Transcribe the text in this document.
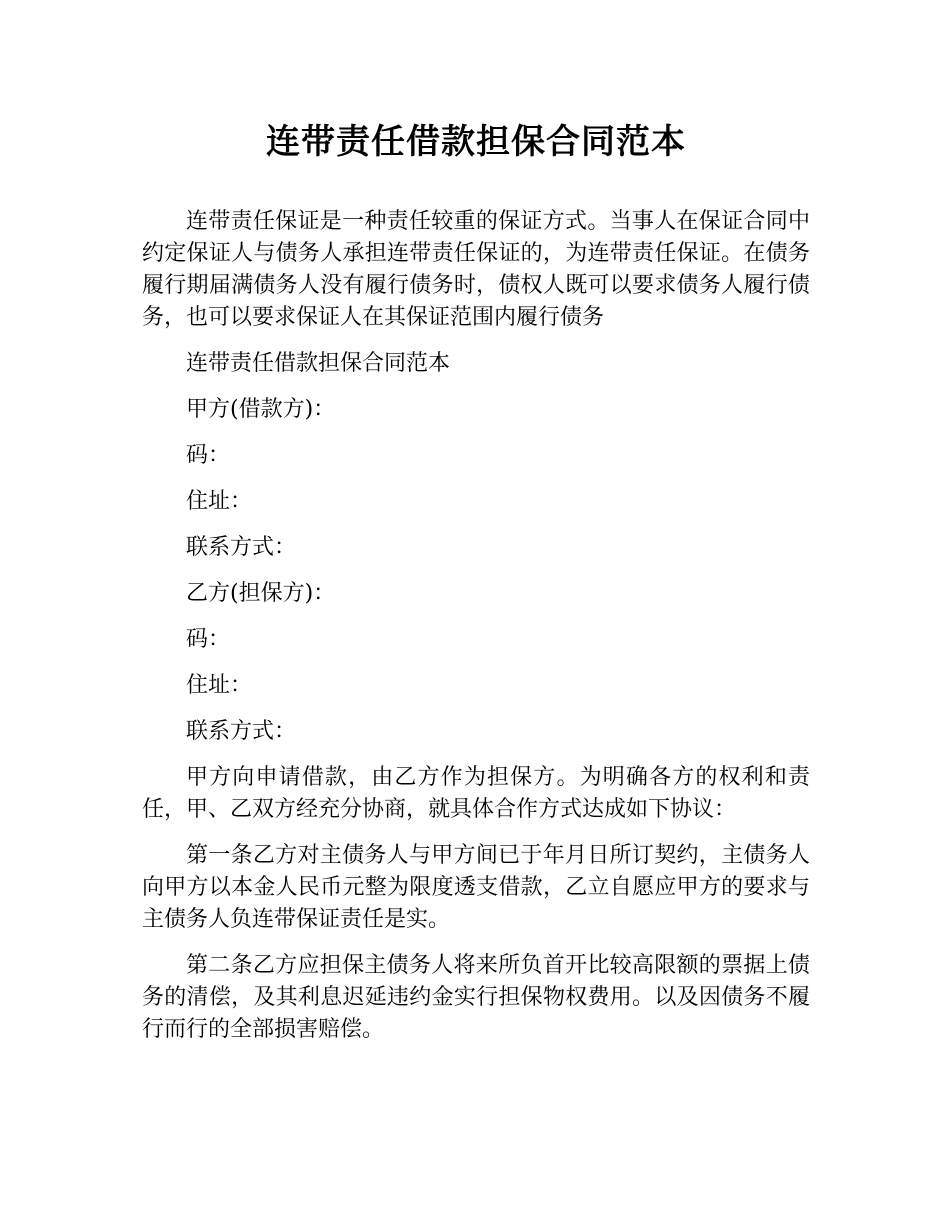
连带责任借款担保合同范本

连带责任保证是一种责任较重的保证方式。当事人在保证合同中约定保证人与债务人承担连带责任保证的，为连带责任保证。在债务履行期届满债务人没有履行债务时，债权人既可以要求债务人履行债务，也可以要求保证人在其保证范围内履行债务

连带责任借款担保合同范本

甲方(借款方)：

码：

住址：

联系方式：

乙方(担保方)：

码：

住址：

联系方式：

甲方向申请借款，由乙方作为担保方。为明确各方的权利和责任，甲、乙双方经充分协商，就具体合作方式达成如下协议：

第一条乙方对主债务人与甲方间已于年月日所订契约，主债务人向甲方以本金人民币元整为限度透支借款，乙立自愿应甲方的要求与主债务人负连带保证责任是实。

第二条乙方应担保主债务人将来所负首开比较高限额的票据上债务的清偿，及其利息迟延违约金实行担保物权费用。以及因债务不履行而行的全部损害赔偿。
